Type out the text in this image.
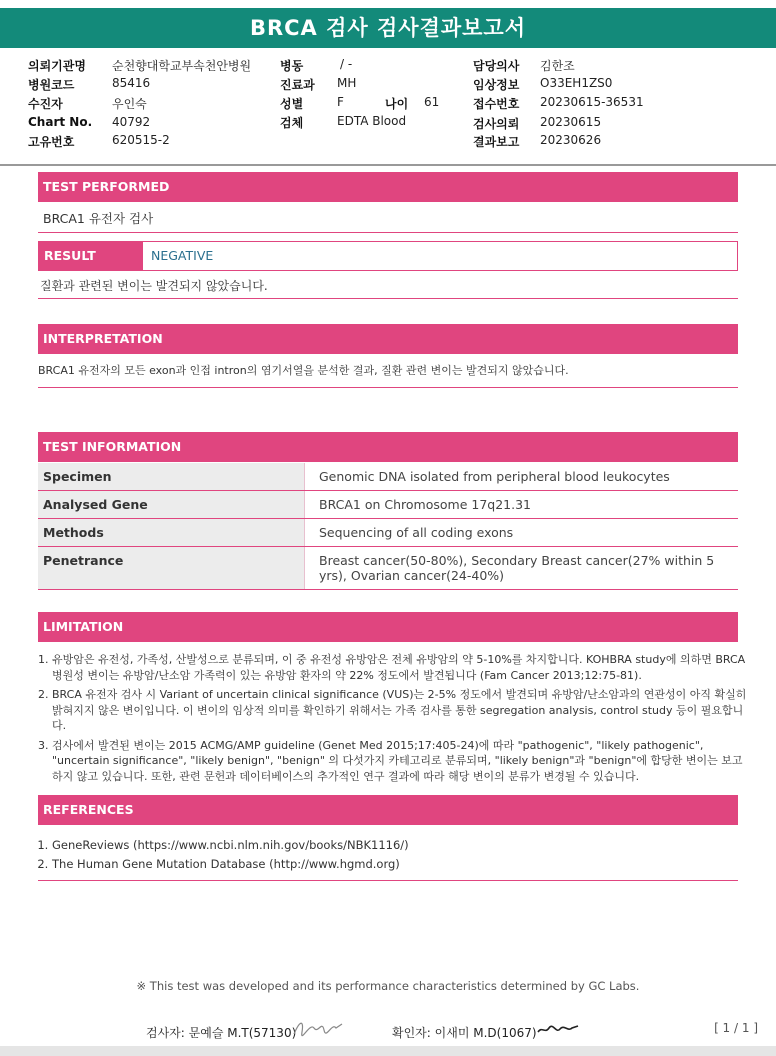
BRCA 검사 검사결과보고서
의뢰기관명 순천향대학교부속천안병원
병원코드	85416
수진자	우인숙
Chart No. 40792
고유번호	620515-2
병동	/ -
진료과 MH
성별	F	나이 61
검체	EDTA Blood
담당의사 김한조
임상정보 O33EH1ZS0
접수번호 20230615-36531
검사의뢰 20230615
결과보고 20230626
TEST PERFORMED
BRCA1 유전자 검사
RESULT	NEGATIVE
질환과 관련된 변이는 발견되지 않았습니다.
INTERPRETATION
BRCA1 유전자의 모든 exon과 인접 intron의 염기서열을 분석한 결과, 질환 관련 변이는 발견되지 않았습니다.
TEST INFORMATION
Specimen	Genomic DNA isolated from peripheral blood leukocytes
Analysed Gene	BRCA1 on Chromosome 17q21.31
Methods	Sequencing of all coding exons
Penetrance	Breast cancer(50-80%), Secondary Breast cancer(27% within 5 yrs), Ovarian cancer(24-40%)
LIMITATION
1. 유방암은 유전성, 가족성, 산발성으로 분류되며, 이 중 유전성 유방암은 전체 유방암의 약 5-10%를 차지합니다. KOHBRA study에 의하면 BRCA 병원성 변이는 유방암/난소암 가족력이 있는 유방암 환자의 약 22% 정도에서 발견됩니다 (Fam Cancer 2013;12:75-81).
2. BRCA 유전자 검사 시 Variant of uncertain clinical significance (VUS)는 2-5% 정도에서 발견되며 유방암/난소암과의 연관성이 아직 확실히 밝혀지지 않은 변이입니다. 이 변이의 임상적 의미를 확인하기 위해서는 가족 검사를 통한 segregation analysis, control study 등이 필요합니다.
3. 검사에서 발견된 변이는 2015 ACMG/AMP guideline (Genet Med 2015;17:405-24)에 따라 "pathogenic", "likely pathogenic", "uncertain significance", "likely benign", "benign" 의 다섯가지 카테고리로 분류되며, "likely benign"과 "benign"에 합당한 변이는 보고하지 않고 있습니다. 또한, 관련 문헌과 데이터베이스의 추가적인 연구 결과에 따라 해당 변이의 분류가 변경될 수 있습니다.
REFERENCES
1. GeneReviews (https://www.ncbi.nlm.nih.gov/books/NBK1116/)
2. The Human Gene Mutation Database (http://www.hgmd.org)
※ This test was developed and its performance characteristics determined by GC Labs.
검사자: 문예슬 M.T(57130)	확인자: 이새미 M.D(1067)	[ 1 / 1 ]
